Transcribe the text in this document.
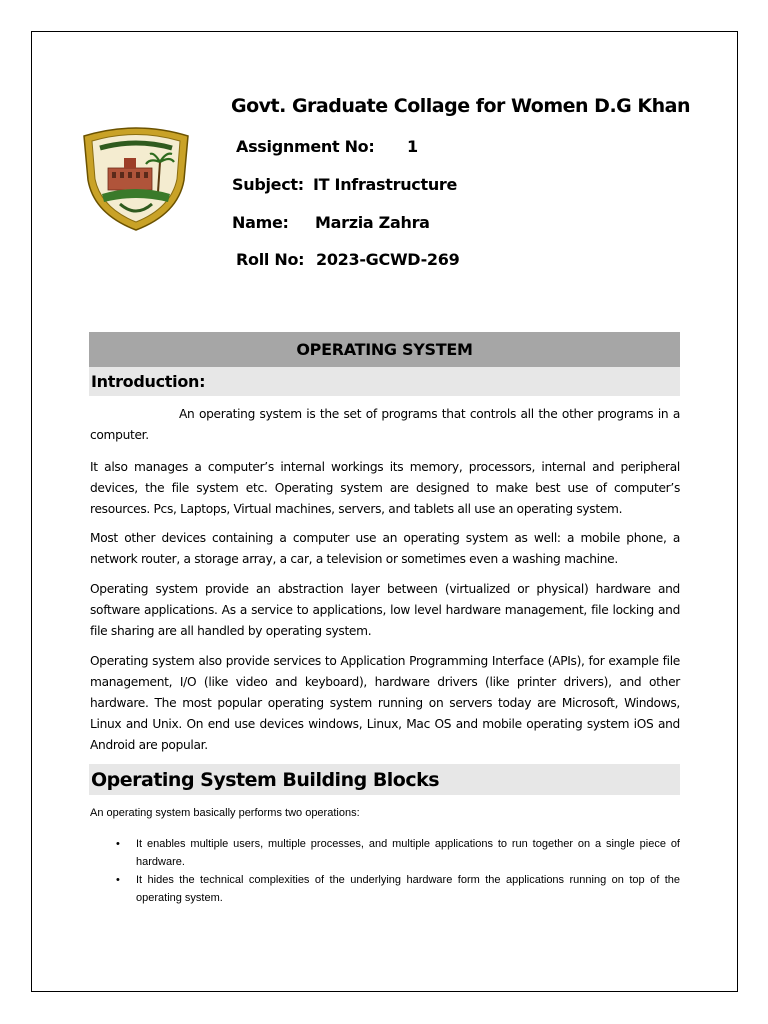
Govt. Graduate Collage for Women D.G Khan
Assignment No: 1
Subject: IT Infrastructure
Name: Marzia Zahra
Roll No: 2023-GCWD-269
OPERATING SYSTEM
Introduction:

An operating system is the set of programs that controls all the other programs in a computer.

It also manages a computer’s internal workings its memory, processors, internal and peripheral devices, the file system etc. Operating system are designed to make best use of computer’s resources. Pcs, Laptops, Virtual machines, servers, and tablets all use an operating system.

Most other devices containing a computer use an operating system as well: a mobile phone, a network router, a storage array, a car, a television or sometimes even a washing machine.

Operating system provide an abstraction layer between (virtualized or physical) hardware and software applications. As a service to applications, low level hardware management, file locking and file sharing are all handled by operating system.

Operating system also provide services to Application Programming Interface (APIs), for example file management, I/O (like video and keyboard), hardware drivers (like printer drivers), and other hardware. The most popular operating system running on servers today are Microsoft, Windows, Linux and Unix. On end use devices windows, Linux, Mac OS and mobile operating system iOS and Android are popular.

Operating System Building Blocks
An operating system basically performs two operations:
• It enables multiple users, multiple processes, and multiple applications to run together on a single piece of hardware.
• It hides the technical complexities of the underlying hardware form the applications running on top of the operating system.
